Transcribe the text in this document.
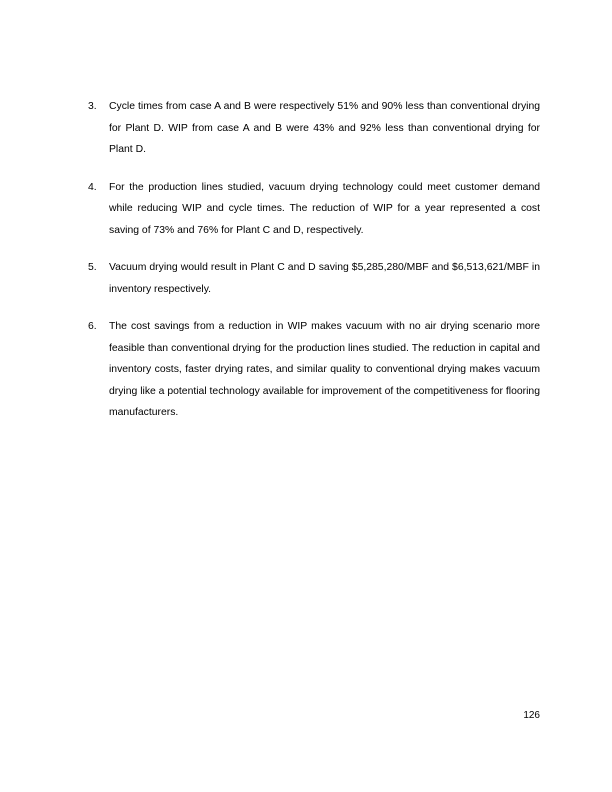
3.	Cycle times from case A and B were respectively 51% and 90% less than conventional drying for Plant D. WIP from case A and B were 43% and 92% less than conventional drying for Plant D.
4.	For the production lines studied, vacuum drying technology could meet customer demand while reducing WIP and cycle times. The reduction of WIP for a year represented a cost saving of 73% and 76% for Plant C and D, respectively.
5.	Vacuum drying would result in Plant C and D saving $5,285,280/MBF and $6,513,621/MBF in inventory respectively.
6.	The cost savings from a reduction in WIP makes vacuum with no air drying scenario more feasible than conventional drying for the production lines studied. The reduction in capital and inventory costs, faster drying rates, and similar quality to conventional drying makes vacuum drying like a potential technology available for improvement of the competitiveness for flooring manufacturers.
126
